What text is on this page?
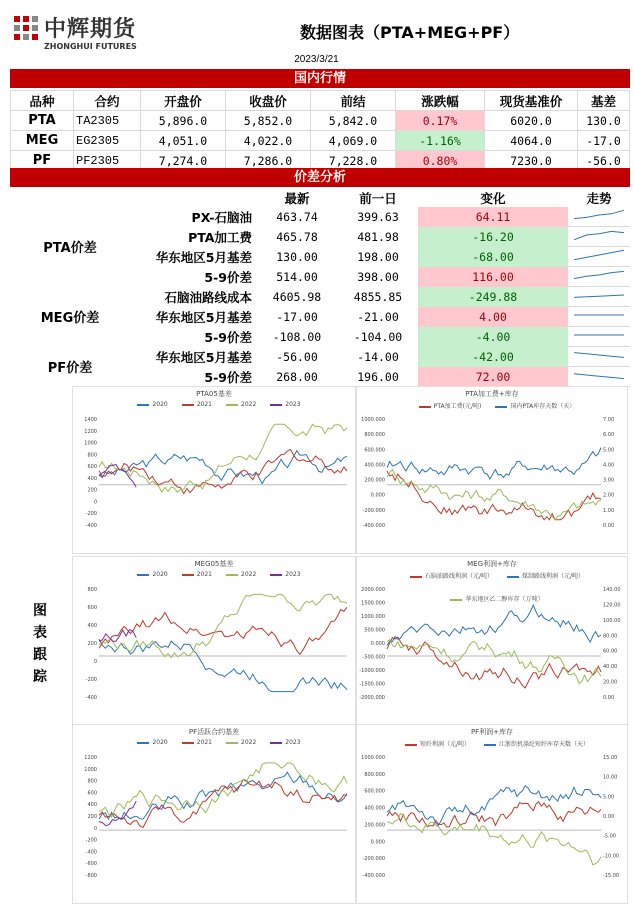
中辉期货
ZHONGHUI FUTURES
数据图表（PTA+MEG+PF）
2023/3/21
国内行情
品种	合约	开盘价	收盘价	前结	涨跌幅	现货基准价	基差
PTA	TA2305	5,896.0	5,852.0	5,842.0	0.17%	6020.0	130.0
MEG	EG2305	4,051.0	4,022.0	4,069.0	-1.16%	4064.0	-17.0
PF	PF2305	7,274.0	7,286.0	7,228.0	0.80%	7230.0	-56.0
价差分析
		最新	前一日	变化	走势
PTA价差	PX-石脑油	463.74	399.63	64.11	
	PTA加工费	465.78	481.98	-16.20	
	华东地区5月基差	130.00	198.00	-68.00	
	5-9价差	514.00	398.00	116.00	
MEG价差	石脑油路线成本	4605.98	4855.85	-249.88	
	华东地区5月基差	-17.00	-21.00	4.00	
	5-9价差	-108.00	-104.00	-4.00	
PF价差	华东地区5月基差	-56.00	-14.00	-42.00	
	5-9价差	268.00	196.00	72.00	
图
表
跟
踪
PTA05基差
2020	2021	2022	2023
1400
1200
1000
800
600
400
200
0
-200
-400
PTA加工费+库存
PTA加工费(元/吨)	国内PTA库存天数（天）
1000.000
800.000
600.000
400.000
200.000
0.000
-200.000
-400.000
7.00
6.00
5.00
4.00
3.00
2.00
1.00
0.00
MEG05基差
2020	2021	2022	2023
800
600
400
200
0
-200
-400
MEG利润+库存
石脑油路线利润（元/吨）	煤制路线利润（元/吨）
华东地区乙二醇库存（万吨）
2000.000
1500.000
1000.000
500.000
0.000
-500.000
-1000.000
-1500.000
-2000.000
140.00
120.00
100.00
80.00
60.00
40.00
20.00
0.00
PF活跃合约基差
2020	2021	2022	2023
1200
1000
800
600
400
200
0
-200
-400
-600
-800
PF利润+库存
短纤利润（元/吨）	江浙织机涤纶短纤库存天数（天）
1000.000
800.000
600.000
400.000
200.000
0.000
-200.000
-400.000
15.00
10.00
5.00
0.00
-5.00
-10.00
-15.00
